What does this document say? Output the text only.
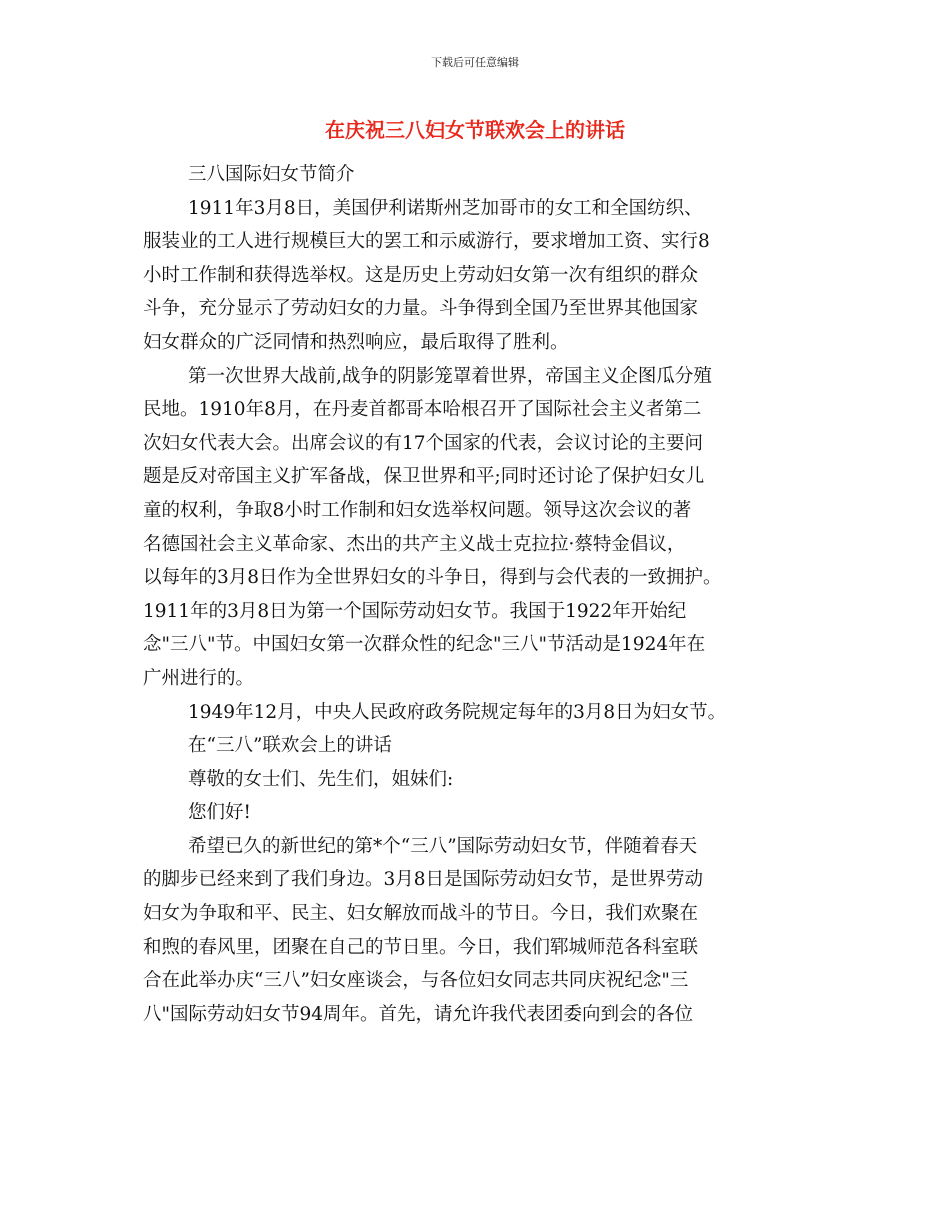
下载后可任意编辑
在庆祝三八妇女节联欢会上的讲话
三八国际妇女节简介
1911年3月8日，美国伊利诺斯州芝加哥市的女工和全国纺织、
服装业的工人进行规模巨大的罢工和示威游行，要求增加工资、实行8
小时工作制和获得选举权。这是历史上劳动妇女第一次有组织的群众
斗争，充分显示了劳动妇女的力量。斗争得到全国乃至世界其他国家
妇女群众的广泛同情和热烈响应，最后取得了胜利。
第一次世界大战前,战争的阴影笼罩着世界，帝国主义企图瓜分殖
民地。1910年8月，在丹麦首都哥本哈根召开了国际社会主义者第二
次妇女代表大会。出席会议的有17个国家的代表，会议讨论的主要问
题是反对帝国主义扩军备战，保卫世界和平;同时还讨论了保护妇女儿
童的权利，争取8小时工作制和妇女选举权问题。领导这次会议的著
名德国社会主义革命家、杰出的共产主义战士克拉拉·蔡特金倡议，
以每年的3月8日作为全世界妇女的斗争日，得到与会代表的一致拥护。
1911年的3月8日为第一个国际劳动妇女节。我国于1922年开始纪
念"三八"节。中国妇女第一次群众性的纪念"三八"节活动是1924年在
广州进行的。
1949年12月，中央人民政府政务院规定每年的3月8日为妇女节。
在“三八”联欢会上的讲话
尊敬的女士们、先生们，姐妹们:
您们好!
希望已久的新世纪的第*个“三八”国际劳动妇女节，伴随着春天
的脚步已经来到了我们身边。3月8日是国际劳动妇女节，是世界劳动
妇女为争取和平、民主、妇女解放而战斗的节日。今日，我们欢聚在
和煦的春风里，团聚在自己的节日里。今日，我们郓城师范各科室联
合在此举办庆“三八”妇女座谈会，与各位妇女同志共同庆祝纪念"三
八"国际劳动妇女节94周年。首先，请允许我代表团委向到会的各位
